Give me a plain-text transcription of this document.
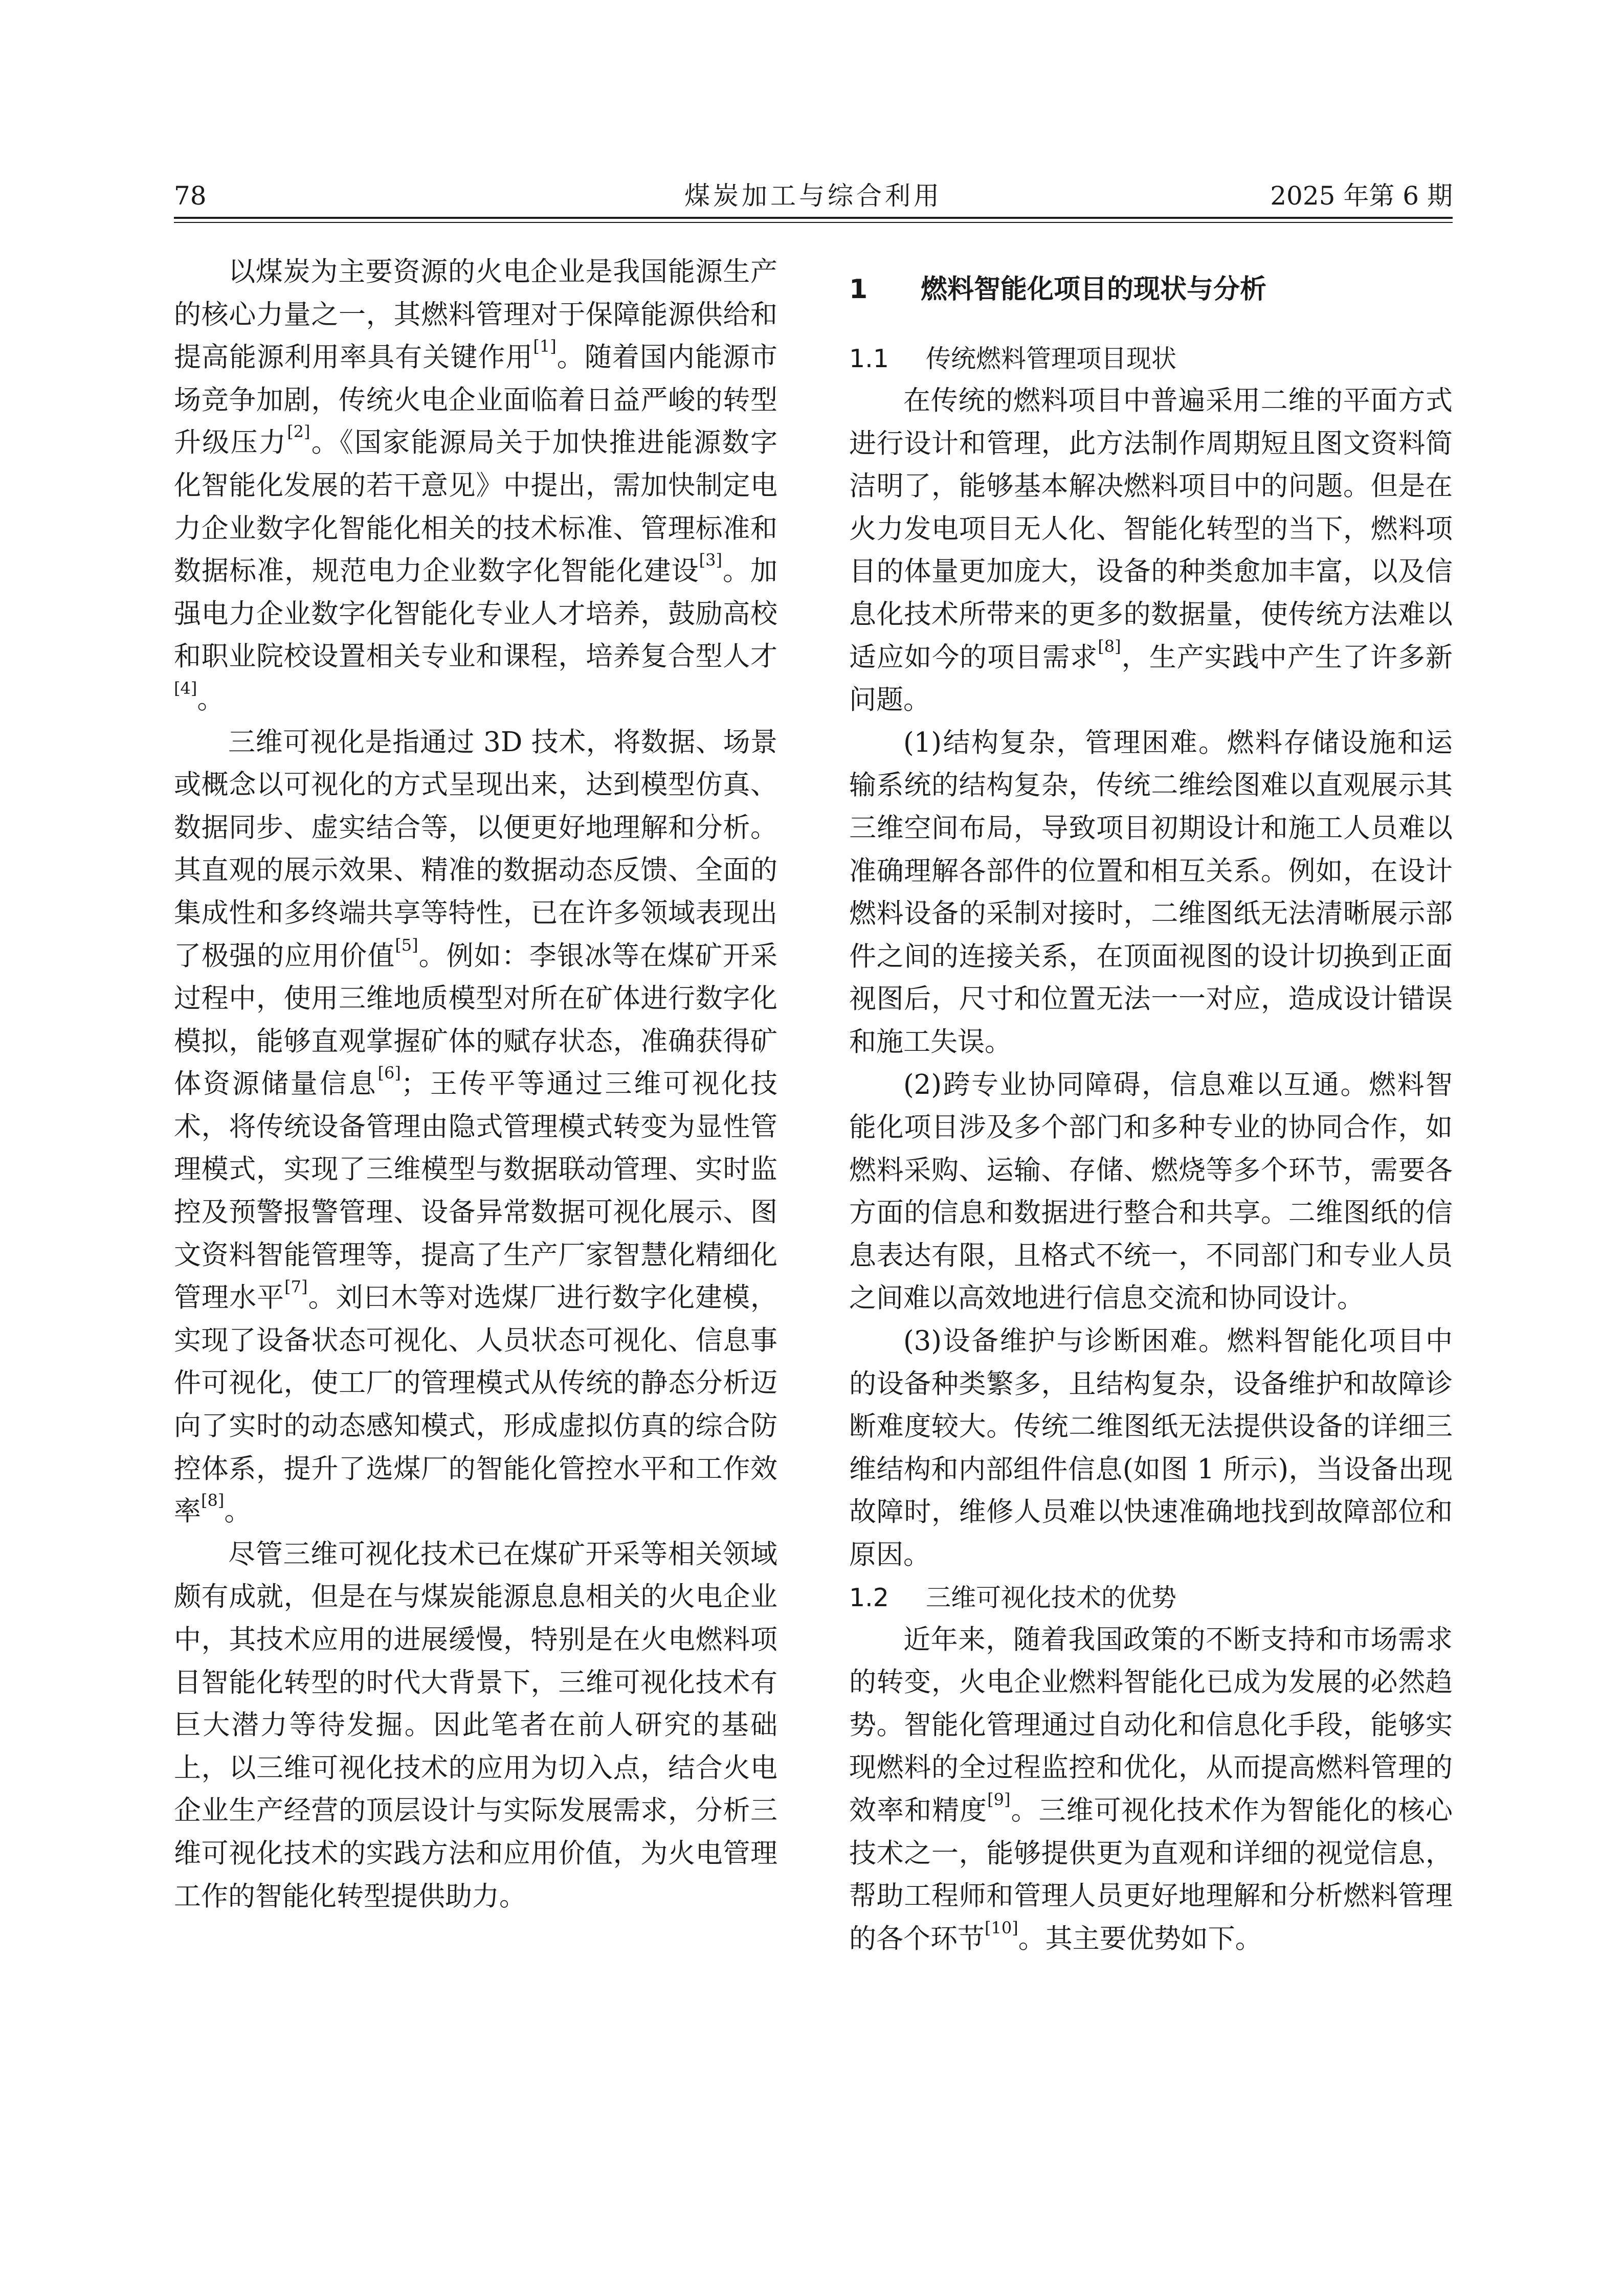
煤炭加工与综合利用
78	2025 年第 6 期

以煤炭为主要资源的火电企业是我国能源生产的核心力量之一，其燃料管理对于保障能源供给和提高能源利用率具有关键作用[1]。随着国内能源市场竞争加剧，传统火电企业面临着日益严峻的转型升级压力[2]。《国家能源局关于加快推进能源数字化智能化发展的若干意见》中提出，需加快制定电力企业数字化智能化相关的技术标准、管理标准和数据标准，规范电力企业数字化智能化建设[3]。加强电力企业数字化智能化专业人才培养，鼓励高校和职业院校设置相关专业和课程，培养复合型人才[4]。

三维可视化是指通过 3D 技术，将数据、场景或概念以可视化的方式呈现出来，达到模型仿真、数据同步、虚实结合等，以便更好地理解和分析。其直观的展示效果、精准的数据动态反馈、全面的集成性和多终端共享等特性，已在许多领域表现出了极强的应用价值[5]。例如：李银冰等在煤矿开采过程中，使用三维地质模型对所在矿体进行数字化模拟，能够直观掌握矿体的赋存状态，准确获得矿体资源储量信息[6]；王传平等通过三维可视化技术，将传统设备管理由隐式管理模式转变为显性管理模式，实现了三维模型与数据联动管理、实时监控及预警报警管理、设备异常数据可视化展示、图文资料智能管理等，提高了生产厂家智慧化精细化管理水平[7]。刘曰木等对选煤厂进行数字化建模，实现了设备状态可视化、人员状态可视化、信息事件可视化，使工厂的管理模式从传统的静态分析迈向了实时的动态感知模式，形成虚拟仿真的综合防控体系，提升了选煤厂的智能化管控水平和工作效率[8]。

尽管三维可视化技术已在煤矿开采等相关领域颇有成就，但是在与煤炭能源息息相关的火电企业中，其技术应用的进展缓慢，特别是在火电燃料项目智能化转型的时代大背景下，三维可视化技术有巨大潜力等待发掘。因此笔者在前人研究的基础上，以三维可视化技术的应用为切入点，结合火电企业生产经营的顶层设计与实际发展需求，分析三维可视化技术的实践方法和应用价值，为火电管理工作的智能化转型提供助力。

1 燃料智能化项目的现状与分析
1.1 传统燃料管理项目现状

在传统的燃料项目中普遍采用二维的平面方式进行设计和管理，此方法制作周期短且图文资料简洁明了，能够基本解决燃料项目中的问题。但是在火力发电项目无人化、智能化转型的当下，燃料项目的体量更加庞大，设备的种类愈加丰富，以及信息化技术所带来的更多的数据量，使传统方法难以适应如今的项目需求[8]，生产实践中产生了许多新问题。

(1)结构复杂，管理困难。燃料存储设施和运输系统的结构复杂，传统二维绘图难以直观展示其三维空间布局，导致项目初期设计和施工人员难以准确理解各部件的位置和相互关系。例如，在设计燃料设备的采制对接时，二维图纸无法清晰展示部件之间的连接关系，在顶面视图的设计切换到正面视图后，尺寸和位置无法一一对应，造成设计错误和施工失误。

(2)跨专业协同障碍，信息难以互通。燃料智能化项目涉及多个部门和多种专业的协同合作，如燃料采购、运输、存储、燃烧等多个环节，需要各方面的信息和数据进行整合和共享。二维图纸的信息表达有限，且格式不统一，不同部门和专业人员之间难以高效地进行信息交流和协同设计。

(3)设备维护与诊断困难。燃料智能化项目中的设备种类繁多，且结构复杂，设备维护和故障诊断难度较大。传统二维图纸无法提供设备的详细三维结构和内部组件信息(如图 1 所示)，当设备出现故障时，维修人员难以快速准确地找到故障部位和原因。

1.2 三维可视化技术的优势

近年来，随着我国政策的不断支持和市场需求的转变，火电企业燃料智能化已成为发展的必然趋势。智能化管理通过自动化和信息化手段，能够实现燃料的全过程监控和优化，从而提高燃料管理的效率和精度[9]。三维可视化技术作为智能化的核心技术之一，能够提供更为直观和详细的视觉信息，帮助工程师和管理人员更好地理解和分析燃料管理的各个环节[10]。其主要优势如下。
